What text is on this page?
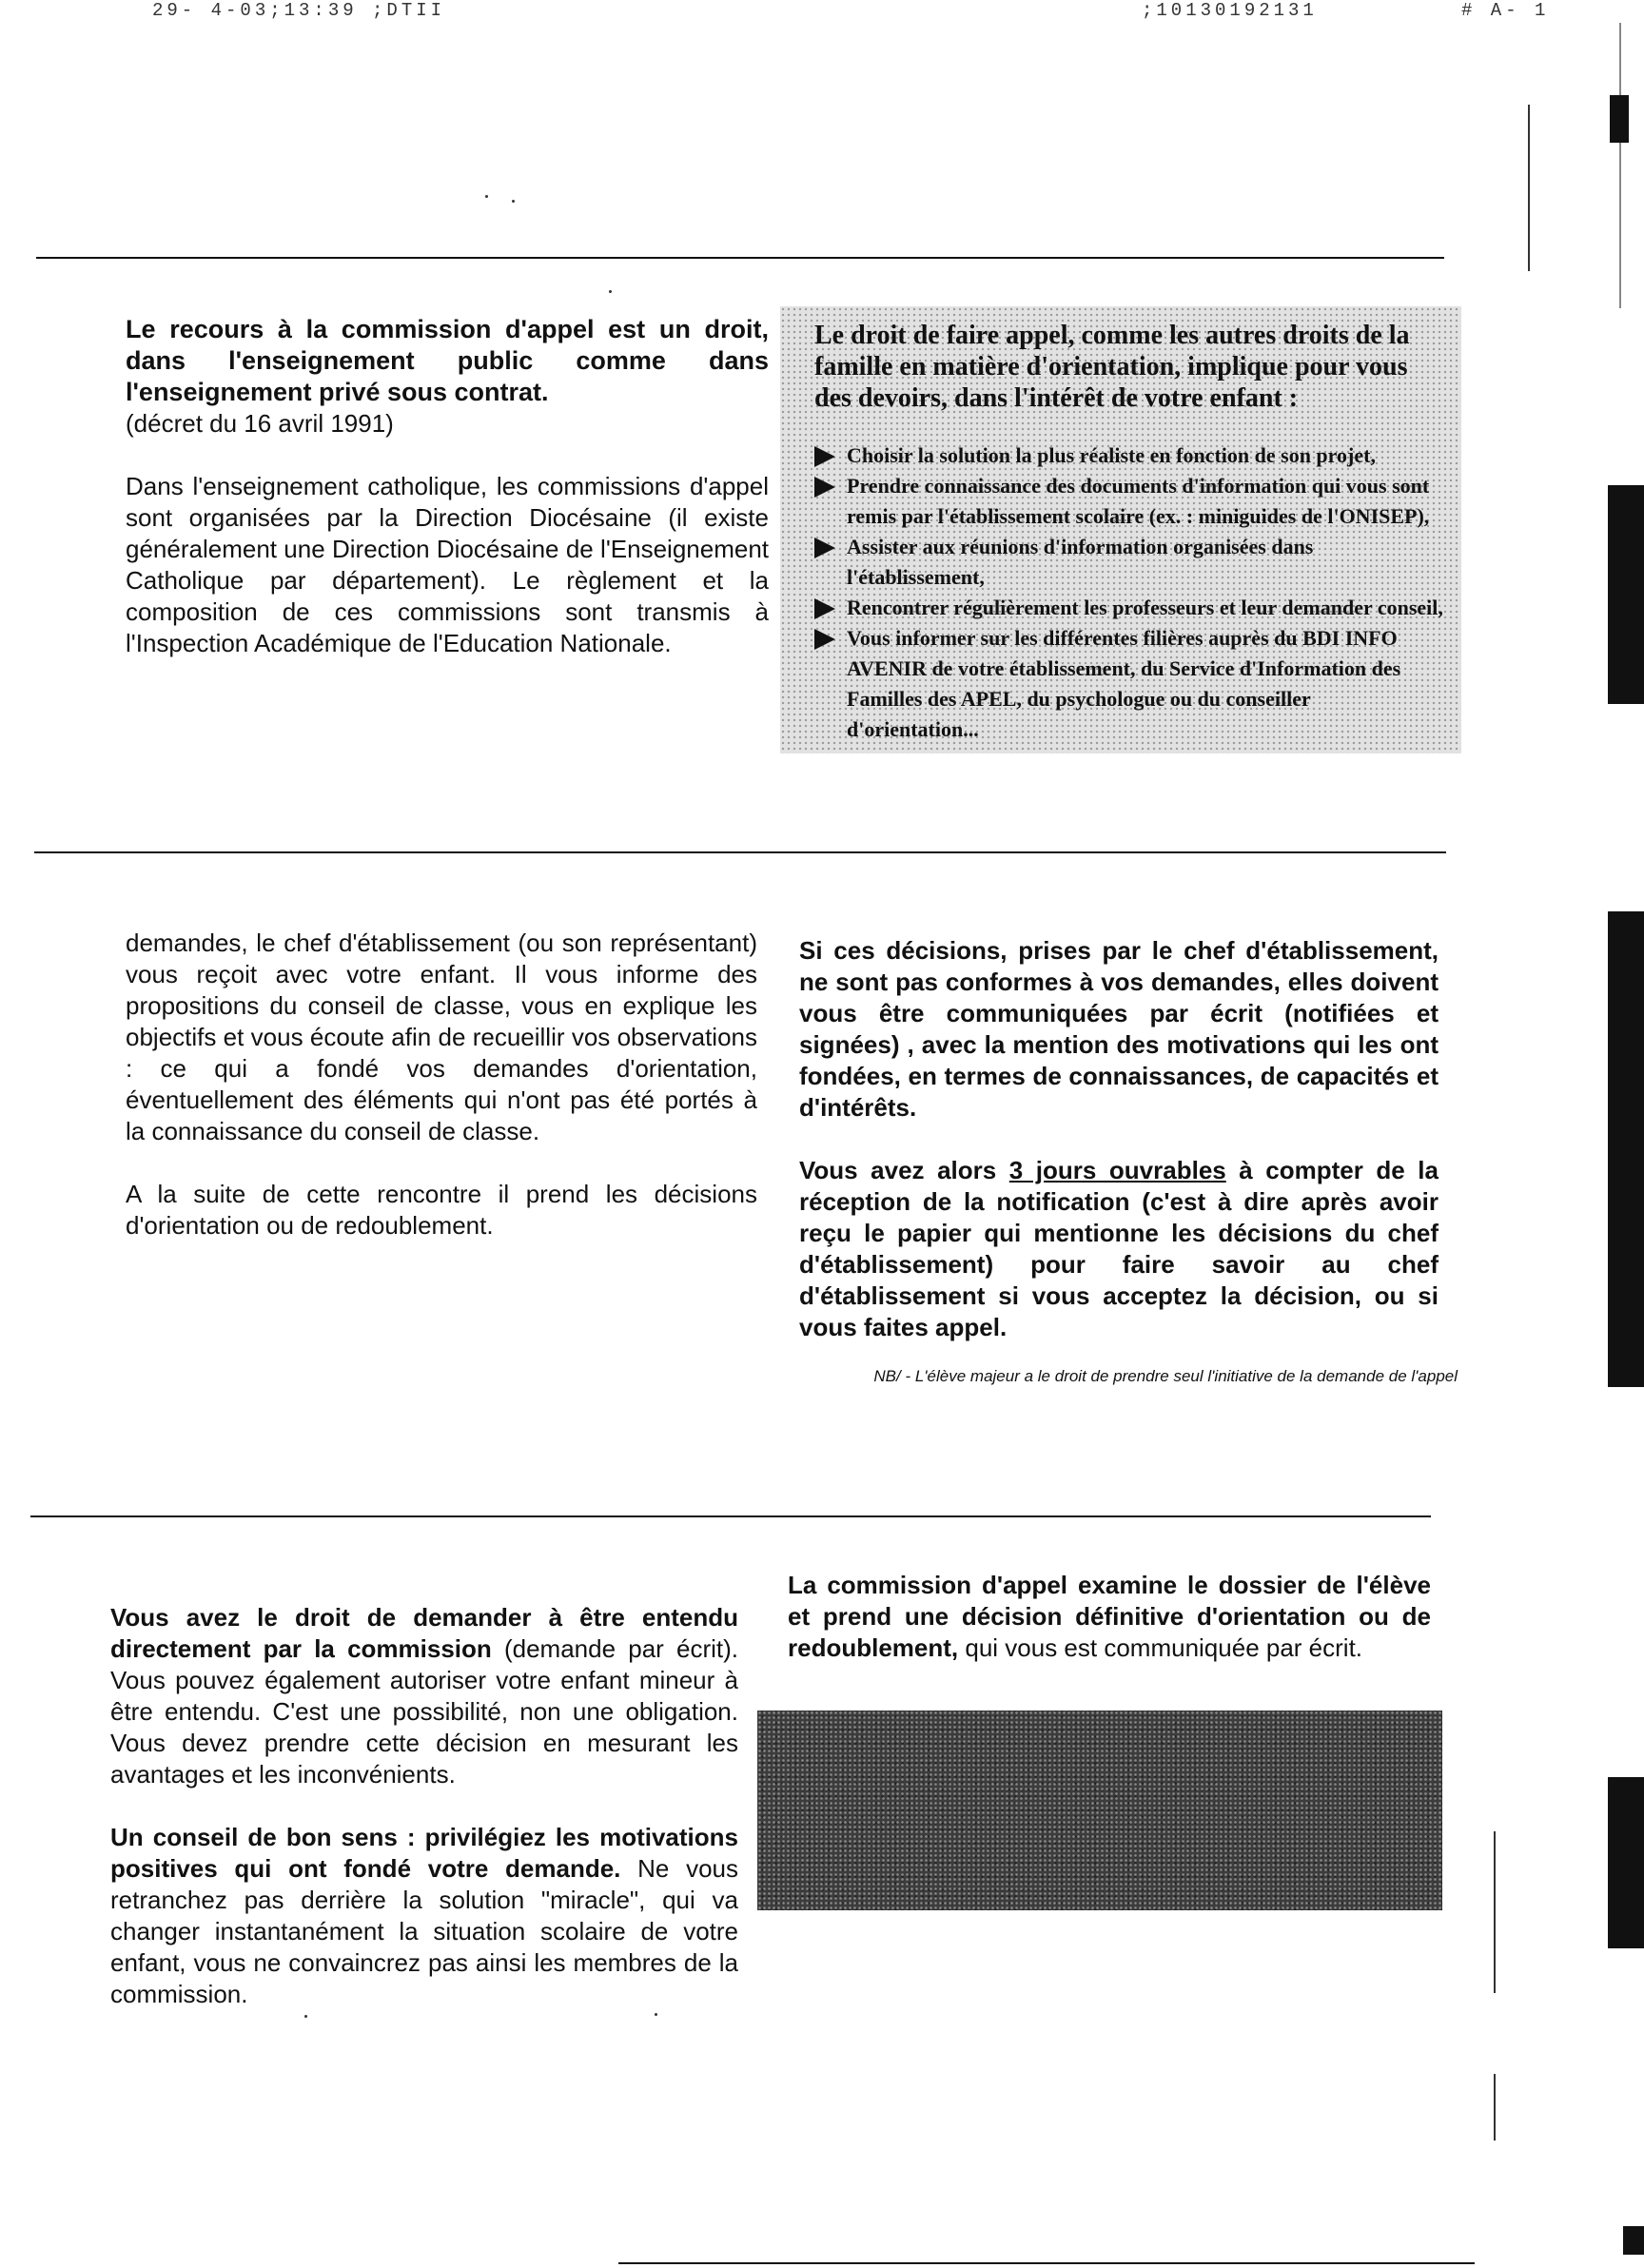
29- 4-03;13:39 ;DTII	;10130192131	# A- 1
Le recours à la commission d'appel est un droit, dans l'enseignement public comme dans l'enseignement privé sous contrat.

(décret du 16 avril 1991)

Dans l'enseignement catholique, les commissions d'appel sont organisées par la Direction Diocésaine (il existe généralement une Direction Diocésaine de l'Enseignement Catholique par département). Le règlement et la composition de ces commissions sont transmis à l'Inspection Académique de l'Education Nationale.

Le droit de faire appel, comme les autres droits de la famille en matière d'orientation, implique pour vous des devoirs, dans l'intérêt de votre enfant :
Choisir la solution la plus réaliste en fonction de son projet,
Prendre connaissance des documents d'information qui vous sont remis par l'établissement scolaire (ex. : miniguides de l'ONISEP),
Assister aux réunions d'information organisées dans l'établissement,
Rencontrer régulièrement les professeurs et leur demander conseil,
Vous informer sur les différentes filières auprès du BDI INFO AVENIR de votre établissement, du Service d'Information des Familles des APEL, du psychologue ou du conseiller d'orientation...

demandes, le chef d'établissement (ou son représentant) vous reçoit avec votre enfant. Il vous informe des propositions du conseil de classe, vous en explique les objectifs et vous écoute afin de recueillir vos observations : ce qui a fondé vos demandes d'orientation, éventuellement des éléments qui n'ont pas été portés à la connaissance du conseil de classe.

A la suite de cette rencontre il prend les décisions d'orientation ou de redoublement.

Si ces décisions, prises par le chef d'établissement, ne sont pas conformes à vos demandes, elles doivent vous être communiquées par écrit (notifiées et signées) , avec la mention des motivations qui les ont fondées, en termes de connaissances, de capacités et d'intérêts.

Vous avez alors 3 jours ouvrables à compter de la réception de la notification (c'est à dire après avoir reçu le papier qui mentionne les décisions du chef d'établissement) pour faire savoir au chef d'établissement si vous acceptez la décision, ou si vous faites appel.

NB/ - L'élève majeur a le droit de prendre seul l'initiative de la demande de l'appel

Vous avez le droit de demander à être entendu directement par la commission (demande par écrit). Vous pouvez également autoriser votre enfant mineur à être entendu. C'est une possibilité, non une obligation. Vous devez prendre cette décision en mesurant les avantages et les inconvénients.

Un conseil de bon sens : privilégiez les motivations positives qui ont fondé votre demande. Ne vous retranchez pas derrière la solution "miracle", qui va changer instantanément la situation scolaire de votre enfant, vous ne convaincrez pas ainsi les membres de la commission.

La commission d'appel examine le dossier de l'élève et prend une décision définitive d'orientation ou de redoublement, qui vous est communiquée par écrit.
